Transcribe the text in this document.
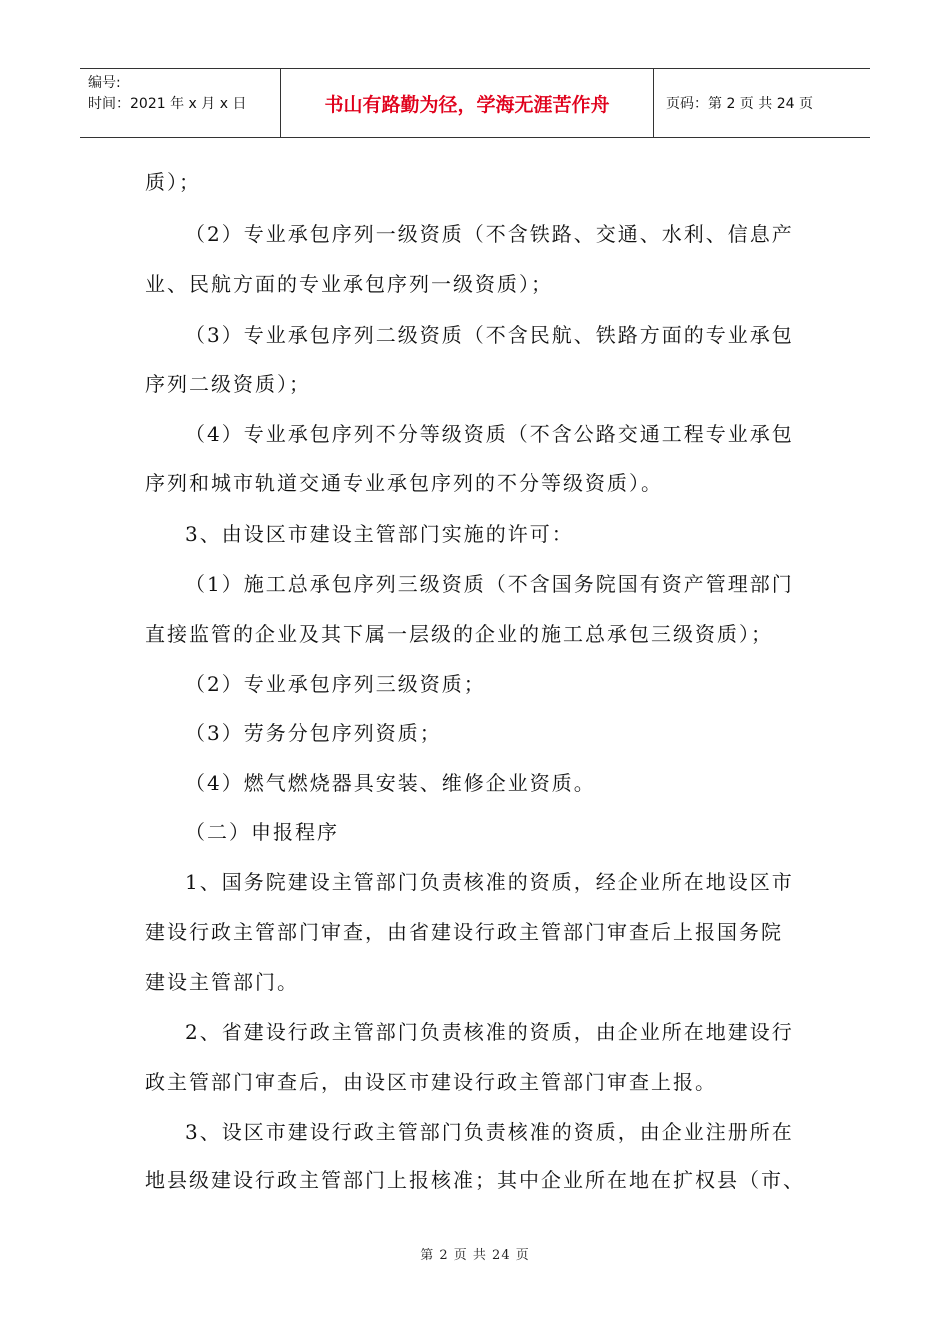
编号:
时间：2021 年 x 月 x 日	书山有路勤为径，学海无涯苦作舟	页码：第 2 页 共 24 页
质）；
（2）专业承包序列一级资质（不含铁路、交通、水利、信息产
业、民航方面的专业承包序列一级资质）；
（3）专业承包序列二级资质（不含民航、铁路方面的专业承包
序列二级资质）；
（4）专业承包序列不分等级资质（不含公路交通工程专业承包
序列和城市轨道交通专业承包序列的不分等级资质）。
3、由设区市建设主管部门实施的许可：
（1）施工总承包序列三级资质（不含国务院国有资产管理部门
直接监管的企业及其下属一层级的企业的施工总承包三级资质）；
（2）专业承包序列三级资质；
（3）劳务分包序列资质；
（4）燃气燃烧器具安装、维修企业资质。
（二）申报程序
1、国务院建设主管部门负责核准的资质，经企业所在地设区市
建设行政主管部门审查，由省建设行政主管部门审查后上报国务院
建设主管部门。
2、省建设行政主管部门负责核准的资质，由企业所在地建设行
政主管部门审查后，由设区市建设行政主管部门审查上报。
3、设区市建设行政主管部门负责核准的资质，由企业注册所在
地县级建设行政主管部门上报核准；其中企业所在地在扩权县（市、
第 2 页 共 24 页
